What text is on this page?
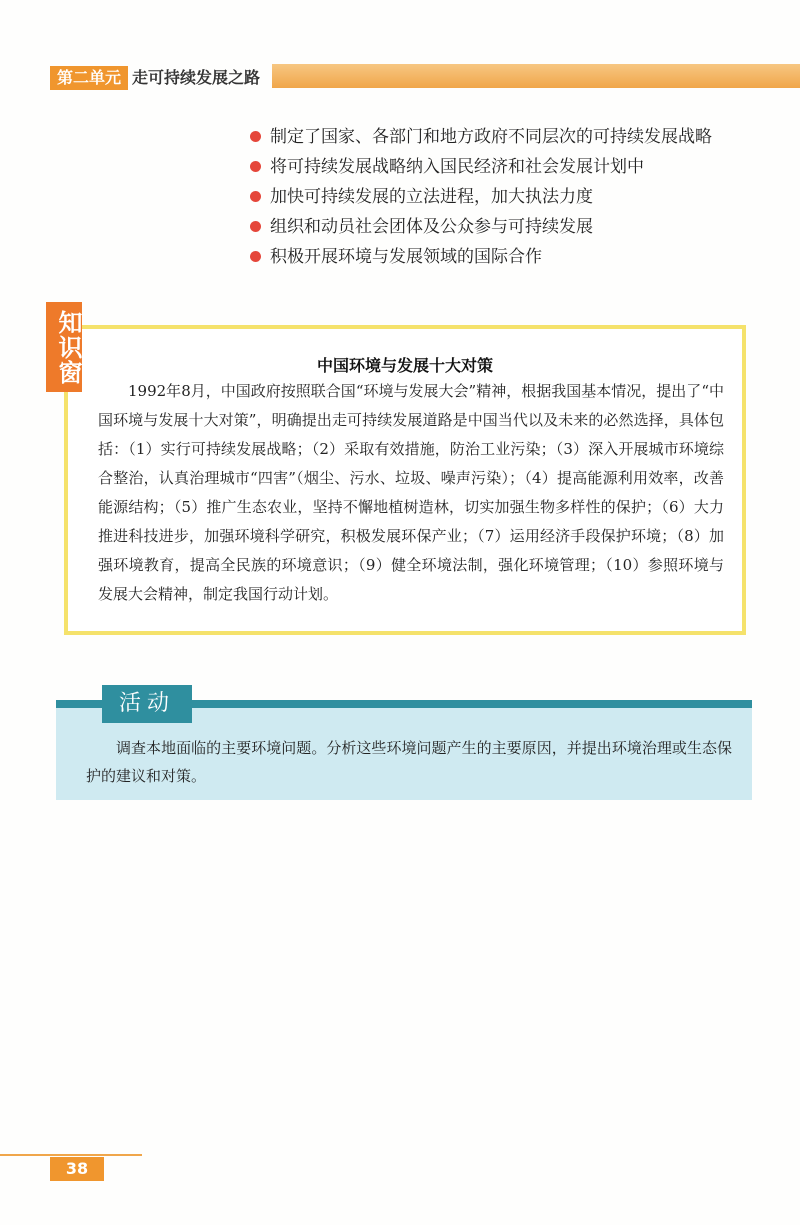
第二单元 走可持续发展之路
制定了国家、各部门和地方政府不同层次的可持续发展战略
将可持续发展战略纳入国民经济和社会发展计划中
加快可持续发展的立法进程，加大执法力度
组织和动员社会团体及公众参与可持续发展
积极开展环境与发展领域的国际合作
中国环境与发展十大对策
1992年8月，中国政府按照联合国“环境与发展大会”精神，根据我国基本情况，提出了“中国环境与发展十大对策”，明确提出走可持续发展道路是中国当代以及未来的必然选择，具体包括：（1）实行可持续发展战略；（2）采取有效措施，防治工业污染；（3）深入开展城市环境综合整治，认真治理城市“四害”（烟尘、污水、垃圾、噪声污染）；（4）提高能源利用效率，改善能源结构；（5）推广生态农业，坚持不懈地植树造林，切实加强生物多样性的保护；（6）大力推进科技进步，加强环境科学研究，积极发展环保产业；（7）运用经济手段保护环境；（8）加强环境教育，提高全民族的环境意识；（9）健全环境法制，强化环境管理；（10）参照环境与发展大会精神，制定我国行动计划。
知识窗
调查本地面临的主要环境问题。分析这些环境问题产生的主要原因，并提出环境治理或生态保护的建议和对策。
活动
38
